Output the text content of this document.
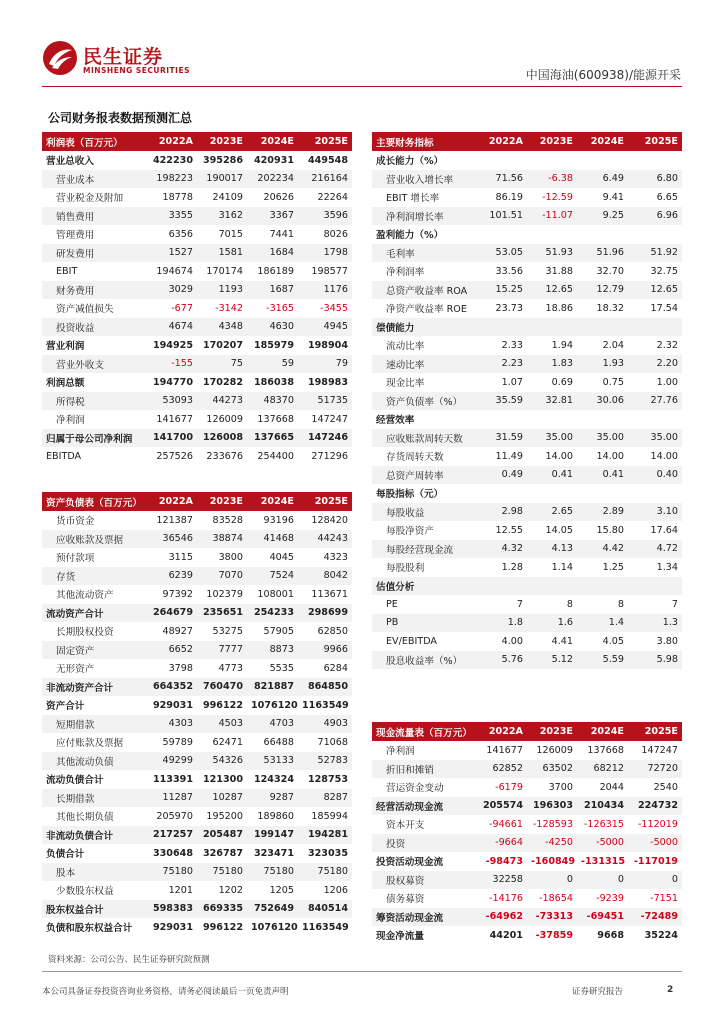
民生证券
MINSHENG SECURITIES	中国海油(600938)/能源开采
公司财务报表数据预测汇总
利润表（百万元）	2022A	2023E	2024E	2025E
营业总收入	422230	395286	420931	449548
营业成本	198223	190017	202234	216164
营业税金及附加	18778	24109	20626	22264
销售费用	3355	3162	3367	3596
管理费用	6356	7015	7441	8026
研发费用	1527	1581	1684	1798
EBIT	194674	170174	186189	198577
财务费用	3029	1193	1687	1176
资产减值损失	-677	-3142	-3165	-3455
投资收益	4674	4348	4630	4945
营业利润	194925	170207	185979	198904
营业外收支	-155	75	59	79
利润总额	194770	170282	186038	198983
所得税	53093	44273	48370	51735
净利润	141677	126009	137668	147247
归属于母公司净利润	141700	126008	137665	147246
EBITDA	257526	233676	254400	271296
资产负债表（百万元）	2022A	2023E	2024E	2025E
货币资金	121387	83528	93196	128420
应收账款及票据	36546	38874	41468	44243
预付款项	3115	3800	4045	4323
存货	6239	7070	7524	8042
其他流动资产	97392	102379	108001	113671
流动资产合计	264679	235651	254233	298699
长期股权投资	48927	53275	57905	62850
固定资产	6652	7777	8873	9966
无形资产	3798	4773	5535	6284
非流动资产合计	664352	760470	821887	864850
资产合计	929031	996122	1076120	1163549
短期借款	4303	4503	4703	4903
应付账款及票据	59789	62471	66488	71068
其他流动负债	49299	54326	53133	52783
流动负债合计	113391	121300	124324	128753
长期借款	11287	10287	9287	8287
其他长期负债	205970	195200	189860	185994
非流动负债合计	217257	205487	199147	194281
负债合计	330648	326787	323471	323035
股本	75180	75180	75180	75180
少数股东权益	1201	1202	1205	1206
股东权益合计	598383	669335	752649	840514
负债和股东权益合计	929031	996122	1076120	1163549
主要财务指标	2022A	2023E	2024E	2025E
成长能力（%）				
营业收入增长率	71.56	-6.38	6.49	6.80
EBIT 增长率	86.19	-12.59	9.41	6.65
净利润增长率	101.51	-11.07	9.25	6.96
盈利能力（%）				
毛利率	53.05	51.93	51.96	51.92
净利润率	33.56	31.88	32.70	32.75
总资产收益率 ROA	15.25	12.65	12.79	12.65
净资产收益率 ROE	23.73	18.86	18.32	17.54
偿债能力				
流动比率	2.33	1.94	2.04	2.32
速动比率	2.23	1.83	1.93	2.20
现金比率	1.07	0.69	0.75	1.00
资产负债率（%）	35.59	32.81	30.06	27.76
经营效率				
应收账款周转天数	31.59	35.00	35.00	35.00
存货周转天数	11.49	14.00	14.00	14.00
总资产周转率	0.49	0.41	0.41	0.40
每股指标（元）				
每股收益	2.98	2.65	2.89	3.10
每股净资产	12.55	14.05	15.80	17.64
每股经营现金流	4.32	4.13	4.42	4.72
每股股利	1.28	1.14	1.25	1.34
估值分析				
PE	7	8	8	7
PB	1.8	1.6	1.4	1.3
EV/EBITDA	4.00	4.41	4.05	3.80
股息收益率（%）	5.76	5.12	5.59	5.98
现金流量表（百万元）	2022A	2023E	2024E	2025E
净利润	141677	126009	137668	147247
折旧和摊销	62852	63502	68212	72720
营运资金变动	-6179	3700	2044	2540
经营活动现金流	205574	196303	210434	224732
资本开支	-94661	-128593	-126315	-112019
投资	-9664	-4250	-5000	-5000
投资活动现金流	-98473	-160849	-131315	-117019
股权募资	32258	0	0	0
债务募资	-14176	-18654	-9239	-7151
筹资活动现金流	-64962	-73313	-69451	-72489
现金净流量	44201	-37859	9668	35224
资料来源：公司公告、民生证券研究院预测
本公司具备证券投资咨询业务资格，请务必阅读最后一页免责声明	证券研究报告	2
